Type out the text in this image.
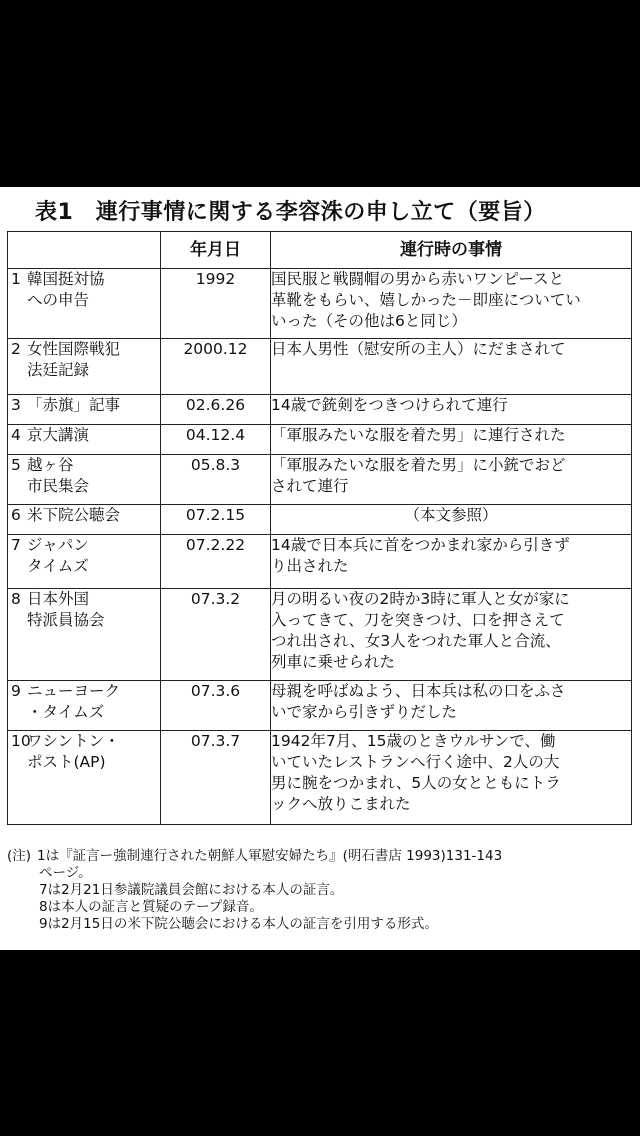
表1　連行事情に関する李容洙の申し立て（要旨）
	年月日	連行時の事情
1 韓国挺対協
への申告	1992	国民服と戦闘帽の男から赤いワンピースと
革靴をもらい、嬉しかった－即座についてい
いった（その他は6と同じ）
2 女性国際戦犯
法廷記録	2000.12	日本人男性（慰安所の主人）にだまされて
3 「赤旗」記事	02.6.26	14歳で銃剣をつきつけられて連行
4 京大講演	04.12.4	「軍服みたいな服を着た男」に連行された
5 越ヶ谷
市民集会	05.8.3	「軍服みたいな服を着た男」に小銃でおど
されて連行
6 米下院公聴会	07.2.15	（本文参照）
7 ジャパン
タイムズ	07.2.22	14歳で日本兵に首をつかまれ家から引きず
り出された
8 日本外国
特派員協会	07.3.2	月の明るい夜の2時か3時に軍人と女が家に
入ってきて、刀を突きつけ、口を押さえて
つれ出され、女3人をつれた軍人と合流、
列車に乗せられた
9 ニューヨーク
・タイムズ	07.3.6	母親を呼ばぬよう、日本兵は私の口をふさ
いで家から引きずりだした
10ワシントン・
ポスト(AP)	07.3.7	1942年7月、15歳のときウルサンで、働
いていたレストランへ行く途中、2人の大
男に腕をつかまれ、5人の女とともにトラ
ックへ放りこまれた
(注) 1は『証言ー強制連行された朝鮮人軍慰安婦たち』(明石書店 1993)131-143
ページ。
7は2月21日参議院議員会館における本人の証言。
8は本人の証言と質疑のテープ録音。
9は2月15日の米下院公聴会における本人の証言を引用する形式。
